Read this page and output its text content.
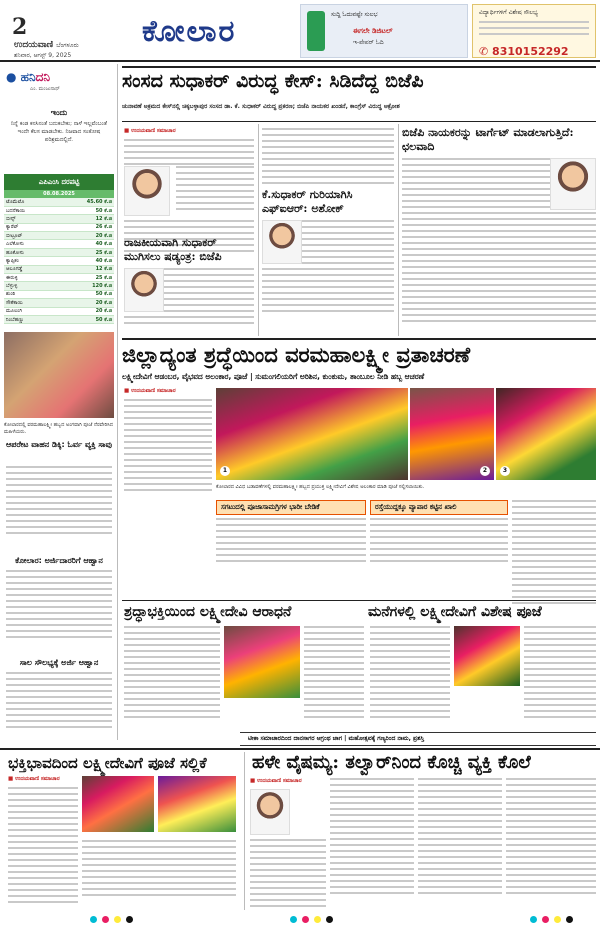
2
ಉದಯವಾಣಿ ಬೆಂಗಳೂರು
ಶನಿವಾರ, ಆಗಸ್ಟ್ 9, 2025
ಕೋಲಾರ	ಸುದ್ದಿ ಓದುವಷ್ಟೇ ಸುಲಭ
ಈಗಲೇ ಡಿಜಿಟಲ್
ಇ-ಪೇಪರ್ ಓದಿ
ವಿದ್ಯಾರ್ಥಿಗಳಿಗೆ ವಿಶೇಷ ಸೌಲಭ್ಯ
✆ 8310152292
● ಹನಿದನಿ
ಎಂ. ಮಂಜುನಾಥ್
ಇಂದು
ನಿನ್ನೆ ಕಂಡ ಕನಸಿನಂತೆ ಬದುಕಬೇಕು; ನಾಳೆ ಇಲ್ಲವೆಂಬಂತೆ ಇಂದೇ ಕೆಲಸ ಮಾಡಬೇಕು. ನಿಜವಾದ ಸಂತೋಷ ಪರಿಶ್ರಮದಲ್ಲಿದೆ.
ಎಪಿಎಂಸಿ ದರಪಟ್ಟಿ
08.08.2025
ಟೊಮೆಟೊ	45.60 ಕೆ.ಜಿ
ಬದನೆಕಾಯಿ	50 ಕೆ.ಜಿ
ಬೀನ್ಸ್	12 ಕೆ.ಜಿ
ಕ್ಯಾರೆಟ್	26 ಕೆ.ಜಿ
ಬೀಟ್ರೂಟ್	20 ಕೆ.ಜಿ
ಎಲೆಕೋಸು	40 ಕೆ.ಜಿ
ಹೂಕೋಸು	25 ಕೆ.ಜಿ
ಕ್ಯಾಪ್ಸಿಕಂ	40 ಕೆ.ಜಿ
ಆಲೂಗಡ್ಡೆ	12 ಕೆ.ಜಿ
ಈರುಳ್ಳಿ	25 ಕೆ.ಜಿ
ಬೆಳ್ಳುಳ್ಳಿ	120 ಕೆ.ಜಿ
ಶುಂಠಿ	50 ಕೆ.ಜಿ
ಸೌತೆಕಾಯಿ	20 ಕೆ.ಜಿ
ಮೂಲಂಗಿ	20 ಕೆ.ಜಿ
ನಿಂಬೆಹಣ್ಣು	50 ಕೆ.ಜಿ
ಕೋಲಾರದಲ್ಲಿ ವರಮಹಾಲಕ್ಷ್ಮೀ ಹಬ್ಬದ ಅಂಗವಾಗಿ ಪೂಜೆ ನೆರವೇರಿಸಿದ ಮಹಿಳೆಯರು.
ಆಪರೇಟ ವಾಹನ ಡಿಕ್ಕಿ: ಓರ್ವ ವ್ಯಕ್ತಿ ಸಾವು
ಕೋಲಾರ: ಅರ್ಜಿದಾರರಿಗೆ ಆಹ್ವಾನ
ಸಾಲ ಸೌಲಭ್ಯಕ್ಕೆ ಅರ್ಜಿ ಆಹ್ವಾನ
ಸಂಸದ ಸುಧಾಕರ್ ವಿರುದ್ಧ ಕೇಸ್: ಸಿಡಿದೆದ್ದ ಬಿಜೆಪಿ
ಚುನಾವಣೆ ಅಕ್ರಮದ ಕೇಸ್‌ನಲ್ಲಿ ಚಿಕ್ಕಬಳ್ಳಾಪುರ ಸಂಸದ ಡಾ. ಕೆ. ಸುಧಾಕರ್ ವಿರುದ್ಧ ಪ್ರಕರಣ; ಬಿಜೆಪಿ ನಾಯಕರ ಖಂಡನೆ, ಕಾಂಗ್ರೆಸ್ ವಿರುದ್ಧ ಆಕ್ರೋಶ
■ ಉದಯವಾಣಿ ಸಮಾಚಾರ
ರಾಜಕೀಯವಾಗಿ ಸುಧಾಕರ್ ಮುಗಿಸಲು ಷಡ್ಯಂತ್ರ: ಬಿಜೆಪಿ
ಕೆ.ಸುಧಾಕರ್ ಗುರಿಯಾಗಿಸಿ ಎಫ್‌ಐಆರ್: ಅಶೋಕ್
ಬಿಜೆಪಿ ನಾಯಕರನ್ನು ಟಾರ್ಗೆಟ್ ಮಾಡಲಾಗುತ್ತಿದೆ: ಛಲವಾದಿ
ಜಿಲ್ಲಾದ್ಯಂತ ಶ್ರದ್ಧೆಯಿಂದ ವರಮಹಾಲಕ್ಷ್ಮೀ ವ್ರತಾಚರಣೆ
ಲಕ್ಷ್ಮೀದೇವಿಗೆ ಆಡಂಬರ, ವೈಭವದ ಅಲಂಕಾರ, ಪೂಜೆ | ಸುಮಂಗಲಿಯರಿಗೆ ಅರಿಶಿನ, ಕುಂಕುಮ, ತಾಂಬೂಲ ನೀಡಿ ಹಬ್ಬ ಆಚರಣೆ
■ ಉದಯವಾಣಿ ಸಮಾಚಾರ
1	2	3
ಕೋಲಾರದ ವಿವಿಧ ಬಡಾವಣೆಗಳಲ್ಲಿ ವರಮಹಾಲಕ್ಷ್ಮೀ ಹಬ್ಬದ ಪ್ರಯುಕ್ತ ಲಕ್ಷ್ಮೀದೇವಿಗೆ ವಿಶೇಷ ಅಲಂಕಾರ ಮಾಡಿ ಪೂಜೆ ಸಲ್ಲಿಸಲಾಯಿತು.
ಸಗಟುದಲ್ಲಿ ಪೂಜಾಸಾಮಗ್ರಿಗಳ ಭಾರೀ ಬೇಡಿಕೆ	ರಸ್ತೆಯುದ್ದಕ್ಕೂ ವ್ಯಾಪಾರ ಕಟ್ಟಿನ ಖಾಲಿ
ಶ್ರದ್ಧಾಭಕ್ತಿಯಿಂದ ಲಕ್ಷ್ಮೀದೇವಿ ಆರಾಧನೆ	ಮನೆಗಳಲ್ಲಿ ಲಕ್ಷ್ಮೀದೇವಿಗೆ ವಿಶೇಷ ಪೂಜೆ
ಟೀಕಾ ಸಮಾಚಾರದಿಂದ ದಾನಸಾಗರ ಆಗ್ರಂಥ ಜಾಗ | ಮಹೋತ್ಸವಕ್ಕೆ ಗಣ್ಯರಿಂದ ನಾಮ, ಪ್ರಶಸ್ತಿ
ಭಕ್ತಿಭಾವದಿಂದ ಲಕ್ಷ್ಮೀದೇವಿಗೆ ಪೂಜೆ ಸಲ್ಲಿಕೆ	ಹಳೇ ವೈಷಮ್ಯ: ತಲ್ವಾರ್‌ನಿಂದ ಕೊಚ್ಚಿ ವ್ಯಕ್ತಿ ಕೊಲೆ
■ ಉದಯವಾಣಿ ಸಮಾಚಾರ	■ ಉದಯವಾಣಿ ಸಮಾಚಾರ
